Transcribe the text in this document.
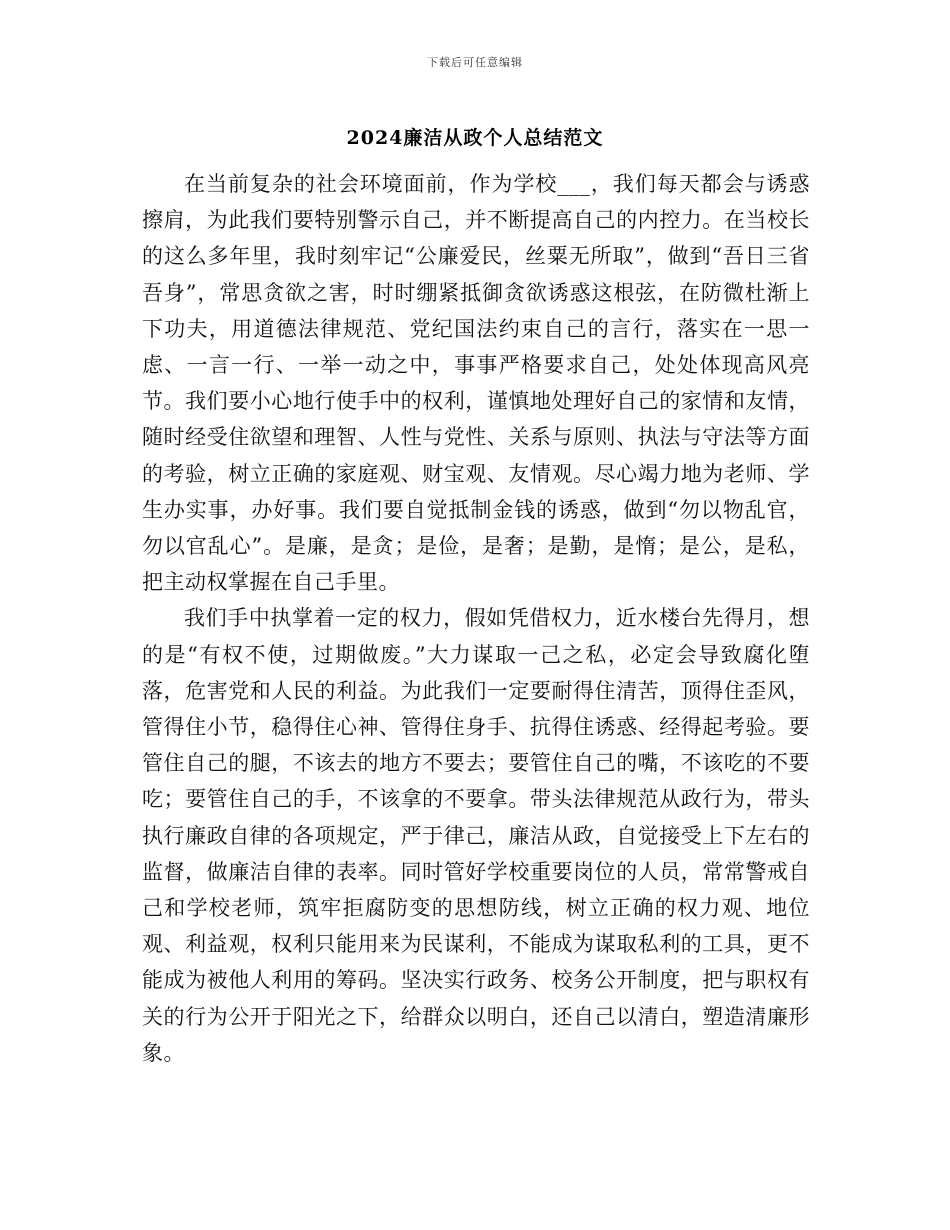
下载后可任意编辑
2024廉洁从政个人总结范文

在当前复杂的社会环境面前，作为学校___，我们每天都会与诱惑擦肩，为此我们要特别警示自己，并不断提高自己的内控力。在当校长的这么多年里，我时刻牢记“公廉爱民，丝粟无所取”，做到“吾日三省吾身”，常思贪欲之害，时时绷紧抵御贪欲诱惑这根弦，在防微杜渐上下功夫，用道德法律规范、党纪国法约束自己的言行，落实在一思一虑、一言一行、一举一动之中，事事严格要求自己，处处体现高风亮节。我们要小心地行使手中的权利，谨慎地处理好自己的家情和友情，随时经受住欲望和理智、人性与党性、关系与原则、执法与守法等方面的考验，树立正确的家庭观、财宝观、友情观。尽心竭力地为老师、学生办实事，办好事。我们要自觉抵制金钱的诱惑，做到“勿以物乱官，勿以官乱心”。是廉，是贪；是俭，是奢；是勤，是惰；是公，是私，把主动权掌握在自己手里。

我们手中执掌着一定的权力，假如凭借权力，近水楼台先得月，想的是“有权不使，过期做废。”大力谋取一己之私，必定会导致腐化堕落，危害党和人民的利益。为此我们一定要耐得住清苦，顶得住歪风，管得住小节，稳得住心神、管得住身手、抗得住诱惑、经得起考验。要管住自己的腿，不该去的地方不要去；要管住自己的嘴，不该吃的不要吃；要管住自己的手，不该拿的不要拿。带头法律规范从政行为，带头执行廉政自律的各项规定，严于律己，廉洁从政，自觉接受上下左右的监督，做廉洁自律的表率。同时管好学校重要岗位的人员，常常警戒自己和学校老师，筑牢拒腐防变的思想防线，树立正确的权力观、地位观、利益观，权利只能用来为民谋利，不能成为谋取私利的工具，更不能成为被他人利用的筹码。坚决实行政务、校务公开制度，把与职权有关的行为公开于阳光之下，给群众以明白，还自己以清白，塑造清廉形象。
